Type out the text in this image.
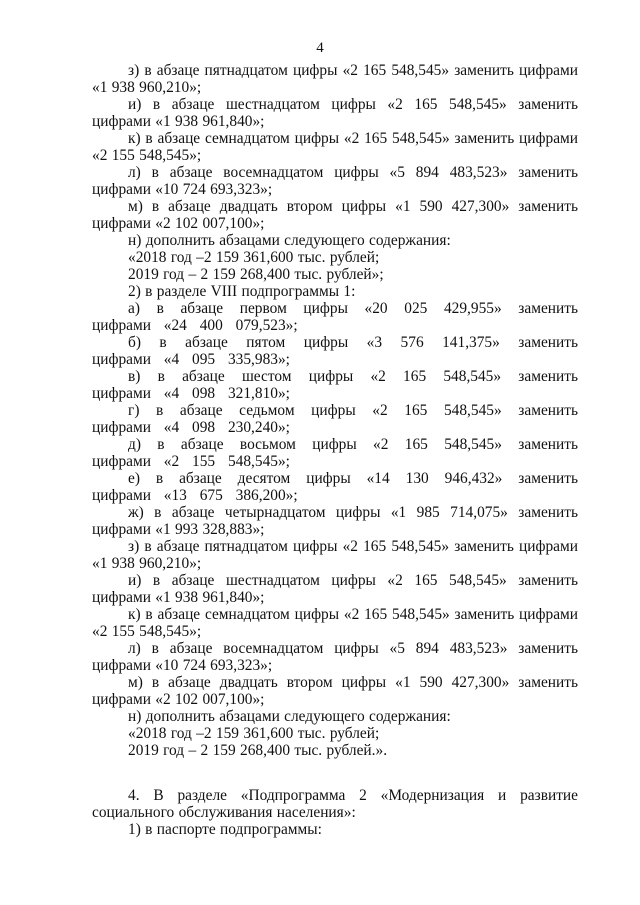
4

з) в абзаце пятнадцатом цифры «2 165 548,545» заменить цифрами «1 938 960,210»;

и) в абзаце шестнадцатом цифры «2 165 548,545» заменить цифрами «1 938 961,840»;

к) в абзаце семнадцатом цифры «2 165 548,545» заменить цифрами «2 155 548,545»;

л) в абзаце восемнадцатом цифры «5 894 483,523» заменить цифрами «10 724 693,323»;

м) в абзаце двадцать втором цифры «1 590 427,300» заменить цифрами «2 102 007,100»;

н) дополнить абзацами следующего содержания:

«2018 год –2 159 361,600 тыс. рублей;

2019 год – 2 159 268,400 тыс. рублей»;

2) в разделе VIII подпрограммы 1:

а) в абзаце первом цифры «20 025 429,955» заменить цифрами «24 400 079,523»;

б) в абзаце пятом цифры «3 576 141,375» заменить цифрами «4 095 335,983»;

в) в абзаце шестом цифры «2 165 548,545» заменить цифрами «4 098 321,810»;

г) в абзаце седьмом цифры «2 165 548,545» заменить цифрами «4 098 230,240»;

д) в абзаце восьмом цифры «2 165 548,545» заменить цифрами «2 155 548,545»;

е) в абзаце десятом цифры «14 130 946,432» заменить цифрами «13 675 386,200»;

ж) в абзаце четырнадцатом цифры «1 985 714,075» заменить цифрами «1 993 328,883»;

з) в абзаце пятнадцатом цифры «2 165 548,545» заменить цифрами «1 938 960,210»;

и) в абзаце шестнадцатом цифры «2 165 548,545» заменить цифрами «1 938 961,840»;

к) в абзаце семнадцатом цифры «2 165 548,545» заменить цифрами «2 155 548,545»;

л) в абзаце восемнадцатом цифры «5 894 483,523» заменить цифрами «10 724 693,323»;

м) в абзаце двадцать втором цифры «1 590 427,300» заменить цифрами «2 102 007,100»;

н) дополнить абзацами следующего содержания:

«2018 год –2 159 361,600 тыс. рублей;

2019 год – 2 159 268,400 тыс. рублей.».

4. В разделе «Подпрограмма 2 «Модернизация и развитие социального обслуживания населения»:

1) в паспорте подпрограммы:
